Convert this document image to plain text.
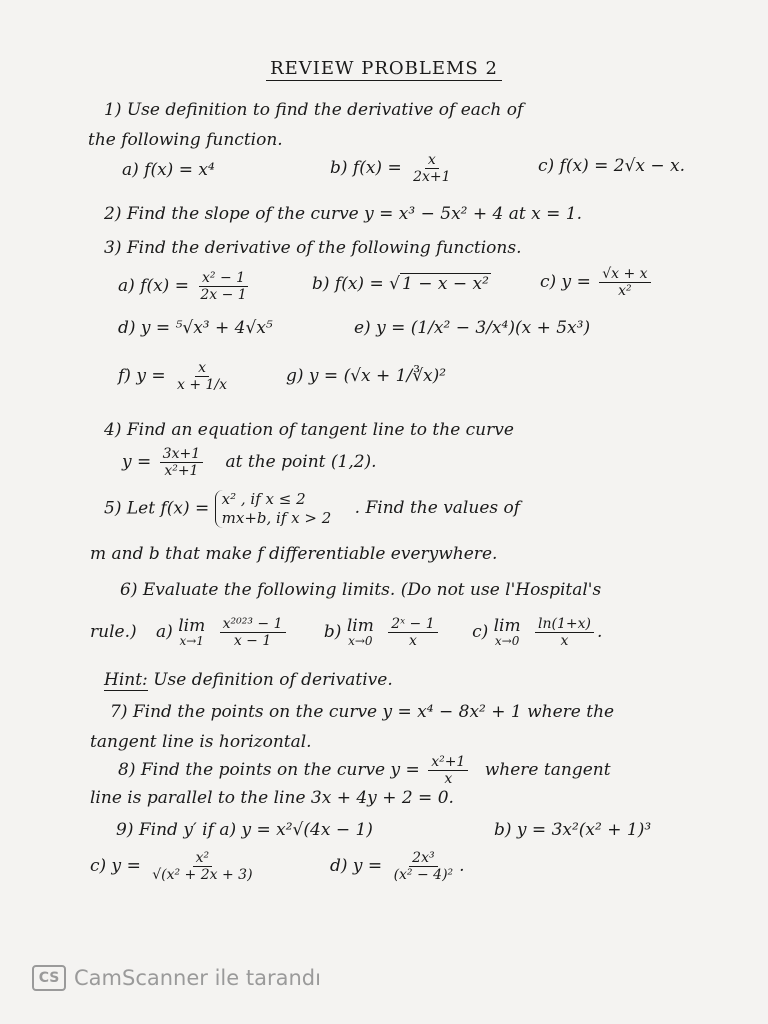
REVIEW PROBLEMS 2
1) Use definition to find the derivative of each of
the following function.
a) f(x) = x⁴	b) $f(x) = \frac{x}{2x+1}$	c) f(x) = 2√x − x.
2) Find the slope of the curve y = x³ − 5x² + 4 at x = 1.
3) Find the derivative of the following functions.
a) $f(x) = \frac{\text{x² − 1}}{2x - 1}$	b) f(x) = √ 1 − x − x²	c) $y = \frac{√x + x}{\text{x²}}$
d) y = ⁵√x³ + 4√x⁵	e) y = (1/x² − 3/x⁴)(x + 5x³)
f) $y = \frac{x}{x + 1/x}$	g) y = (√x + 1/∛x)²
4) Find an equation of tangent line to the curve
$y = \frac{3x+1}{\text{x²+1}}$ at the point (1,2).
5) Let f(x) = x² , if x ≤ 2
mx+b, if x > 2 . Find the values of
m and b that make f differentiable everywhere.
6) Evaluate the following limits. (Do not use l'Hospital's
rule.) a) lim
x→1
$\frac{\text{x²⁰²³ − 1}}{x - 1} b$) lim
x→0
$\frac{\text{2ˣ − 1}}{x} c$) lim
x→0
$\frac{\ln(1+x)}{x}$ .
Hint: Use definition of derivative.
7) Find the points on the curve y = x⁴ − 8x² + 1 where the
tangent line is horizontal.
8) Find the points on the curve $y = \frac{\text{x²+1}}{x}$ where tangent
line is parallel to the line 3x + 4y + 2 = 0.
9) Find y′ if a) y = x²√(4x − 1)	b) y = 3x²(x² + 1)³
c) $y = \frac{\text{x²}}{\text{√(x² + 2x + 3)}}$	d) $y = \frac{\text{2x³}}{\text{(x² − 4)²}}$ .
CS CamScanner ile tarandı
